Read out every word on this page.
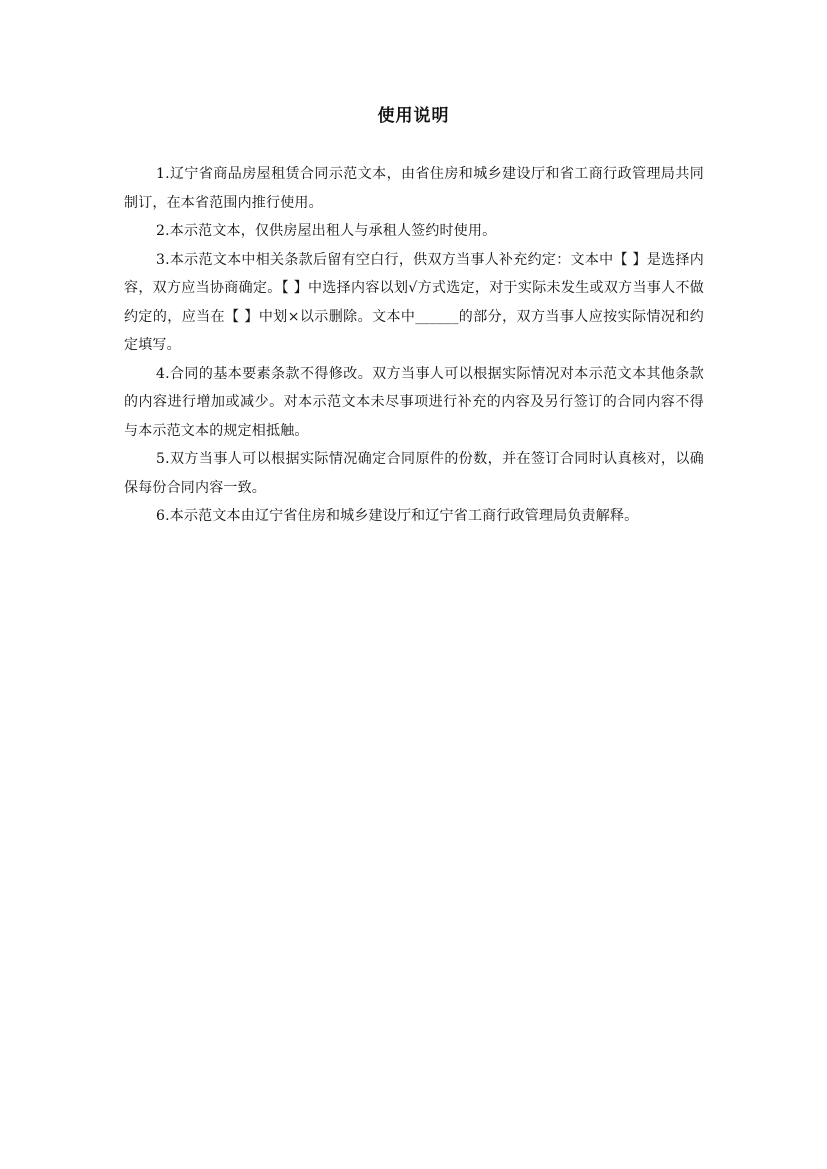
使用说明

1.辽宁省商品房屋租赁合同示范文本，由省住房和城乡建设厅和省工商行政管理局共同制订，在本省范围内推行使用。

2.本示范文本，仅供房屋出租人与承租人签约时使用。

3.本示范文本中相关条款后留有空白行，供双方当事人补充约定：文本中【 】是选择内容，双方应当协商确定。【 】中选择内容以划√方式选定，对于实际未发生或双方当事人不做约定的，应当在【 】中划×以示删除。文本中______的部分，双方当事人应按实际情况和约定填写。

4.合同的基本要素条款不得修改。双方当事人可以根据实际情况对本示范文本其他条款的内容进行增加或减少。对本示范文本未尽事项进行补充的内容及另行签订的合同内容不得与本示范文本的规定相抵触。

5.双方当事人可以根据实际情况确定合同原件的份数，并在签订合同时认真核对，以确保每份合同内容一致。

6.本示范文本由辽宁省住房和城乡建设厅和辽宁省工商行政管理局负责解释。
